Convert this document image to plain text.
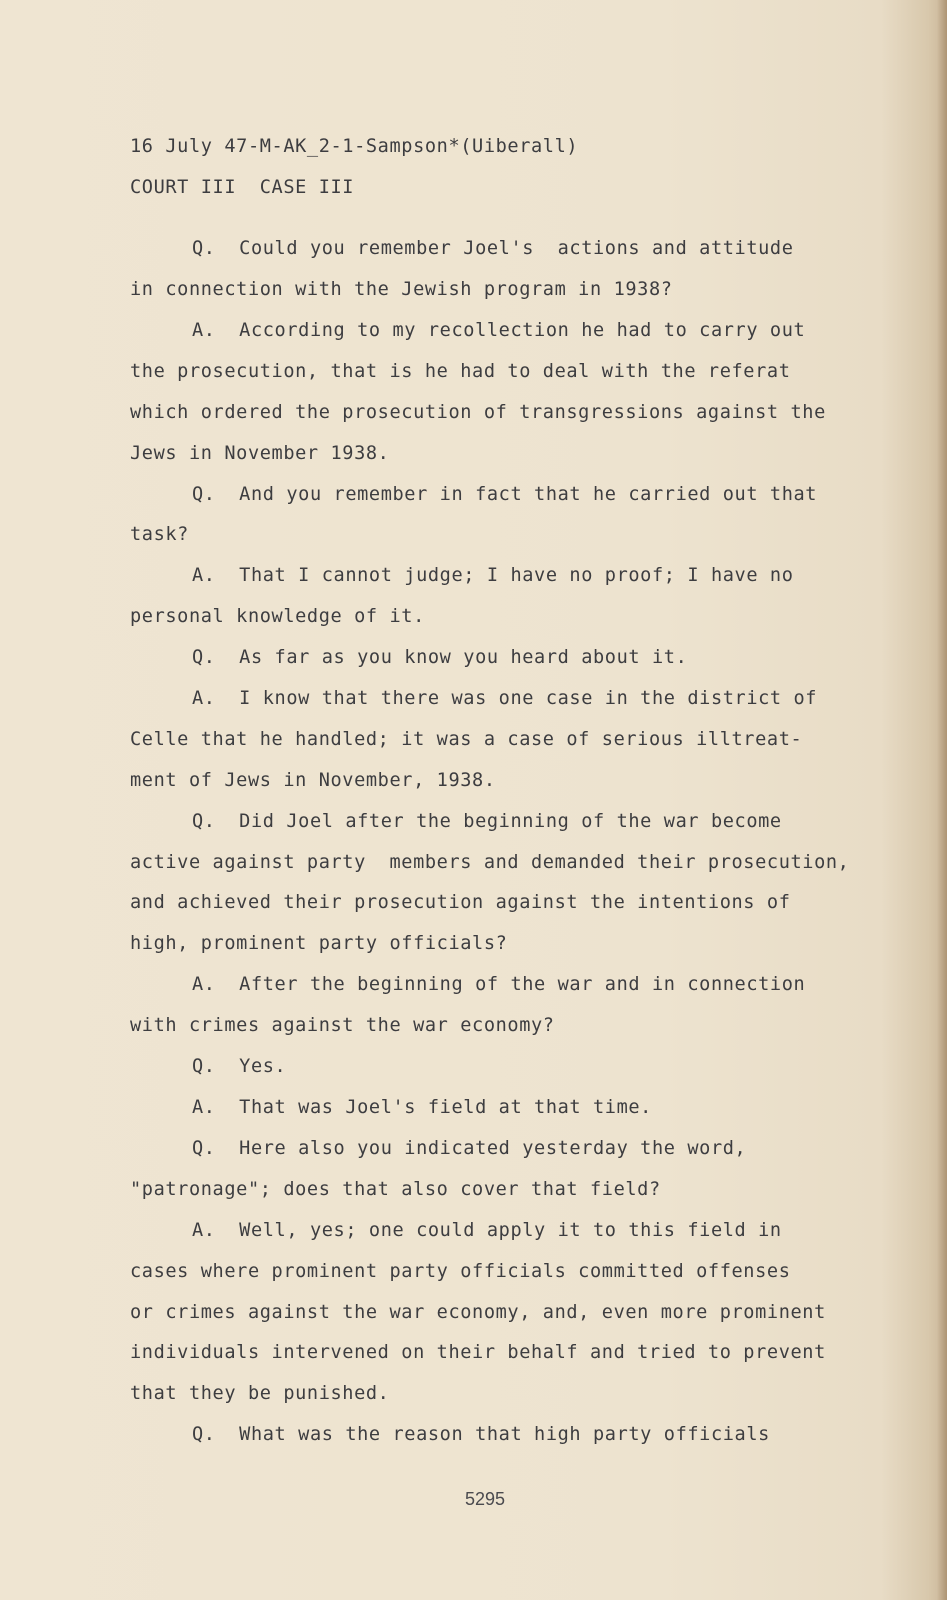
16 July 47-M-AK_2-1-Sampson*(Uiberall)
COURT III  CASE III
Q.  Could you remember Joel's  actions and attitude
in connection with the Jewish program in 1938?
A.  According to my recollection he had to carry out
the prosecution, that is he had to deal with the referat
which ordered the prosecution of transgressions against the
Jews in November 1938.
Q.  And you remember in fact that he carried out that
task?
A.  That I cannot judge; I have no proof; I have no
personal knowledge of it.
Q.  As far as you know you heard about it.
A.  I know that there was one case in the district of
Celle that he handled; it was a case of serious illtreat-
ment of Jews in November, 1938.
Q.  Did Joel after the beginning of the war become
active against party  members and demanded their prosecution,
and achieved their prosecution against the intentions of
high, prominent party officials?
A.  After the beginning of the war and in connection
with crimes against the war economy?
Q.  Yes.
A.  That was Joel's field at that time.
Q.  Here also you indicated yesterday the word,
"patronage"; does that also cover that field?
A.  Well, yes; one could apply it to this field in
cases where prominent party officials committed offenses
or crimes against the war economy, and, even more prominent
individuals intervened on their behalf and tried to prevent
that they be punished.
Q.  What was the reason that high party officials
5295
